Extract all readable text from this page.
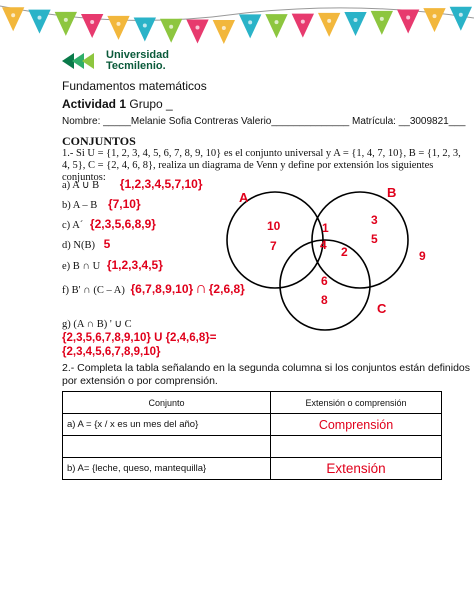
Universidad
Tecmilenio.
Fundamentos matemáticos
Actividad 1 Grupo _
Nombre: _____Melanie Sofia Contreras Valerio______________ Matrícula: __3009821___
CONJUNTOS
1.- Si U = {1, 2, 3, 4, 5, 6, 7, 8, 9, 10} es el conjunto universal y A = {1, 4, 7, 10}, B = {1, 2, 3, 4, 5}, C = {2, 4, 6, 8}, realiza un diagrama de Venn y define por extensión los siguientes conjuntos:
a) A ∪ B {1,2,3,4,5,7,10}
b) A – B {7,10}
c) A´ {2,3,5,6,8,9}
d) N(B) 5
e) B ∩ U {1,2,3,4,5}
f) B' ∩ (C – A) {6,7,8,9,10} ∩ {2,6,8}
g) (A ∩ B) ' ∪ C
{2,3,5,6,7,8,9,10} U {2,4,6,8}=
{2,3,4,5,6,7,8,9,10}
A	B
C
10
7
1
4
3
5
2
6
8
9
2.- Completa la tabla señalando en la segunda columna si los conjuntos están definidos por extensión o por comprensión.
Conjunto	Extensión o comprensión
a) A = {x / x es un mes del año}	Comprensión

b) A= {leche, queso, mantequilla}	Extensión
